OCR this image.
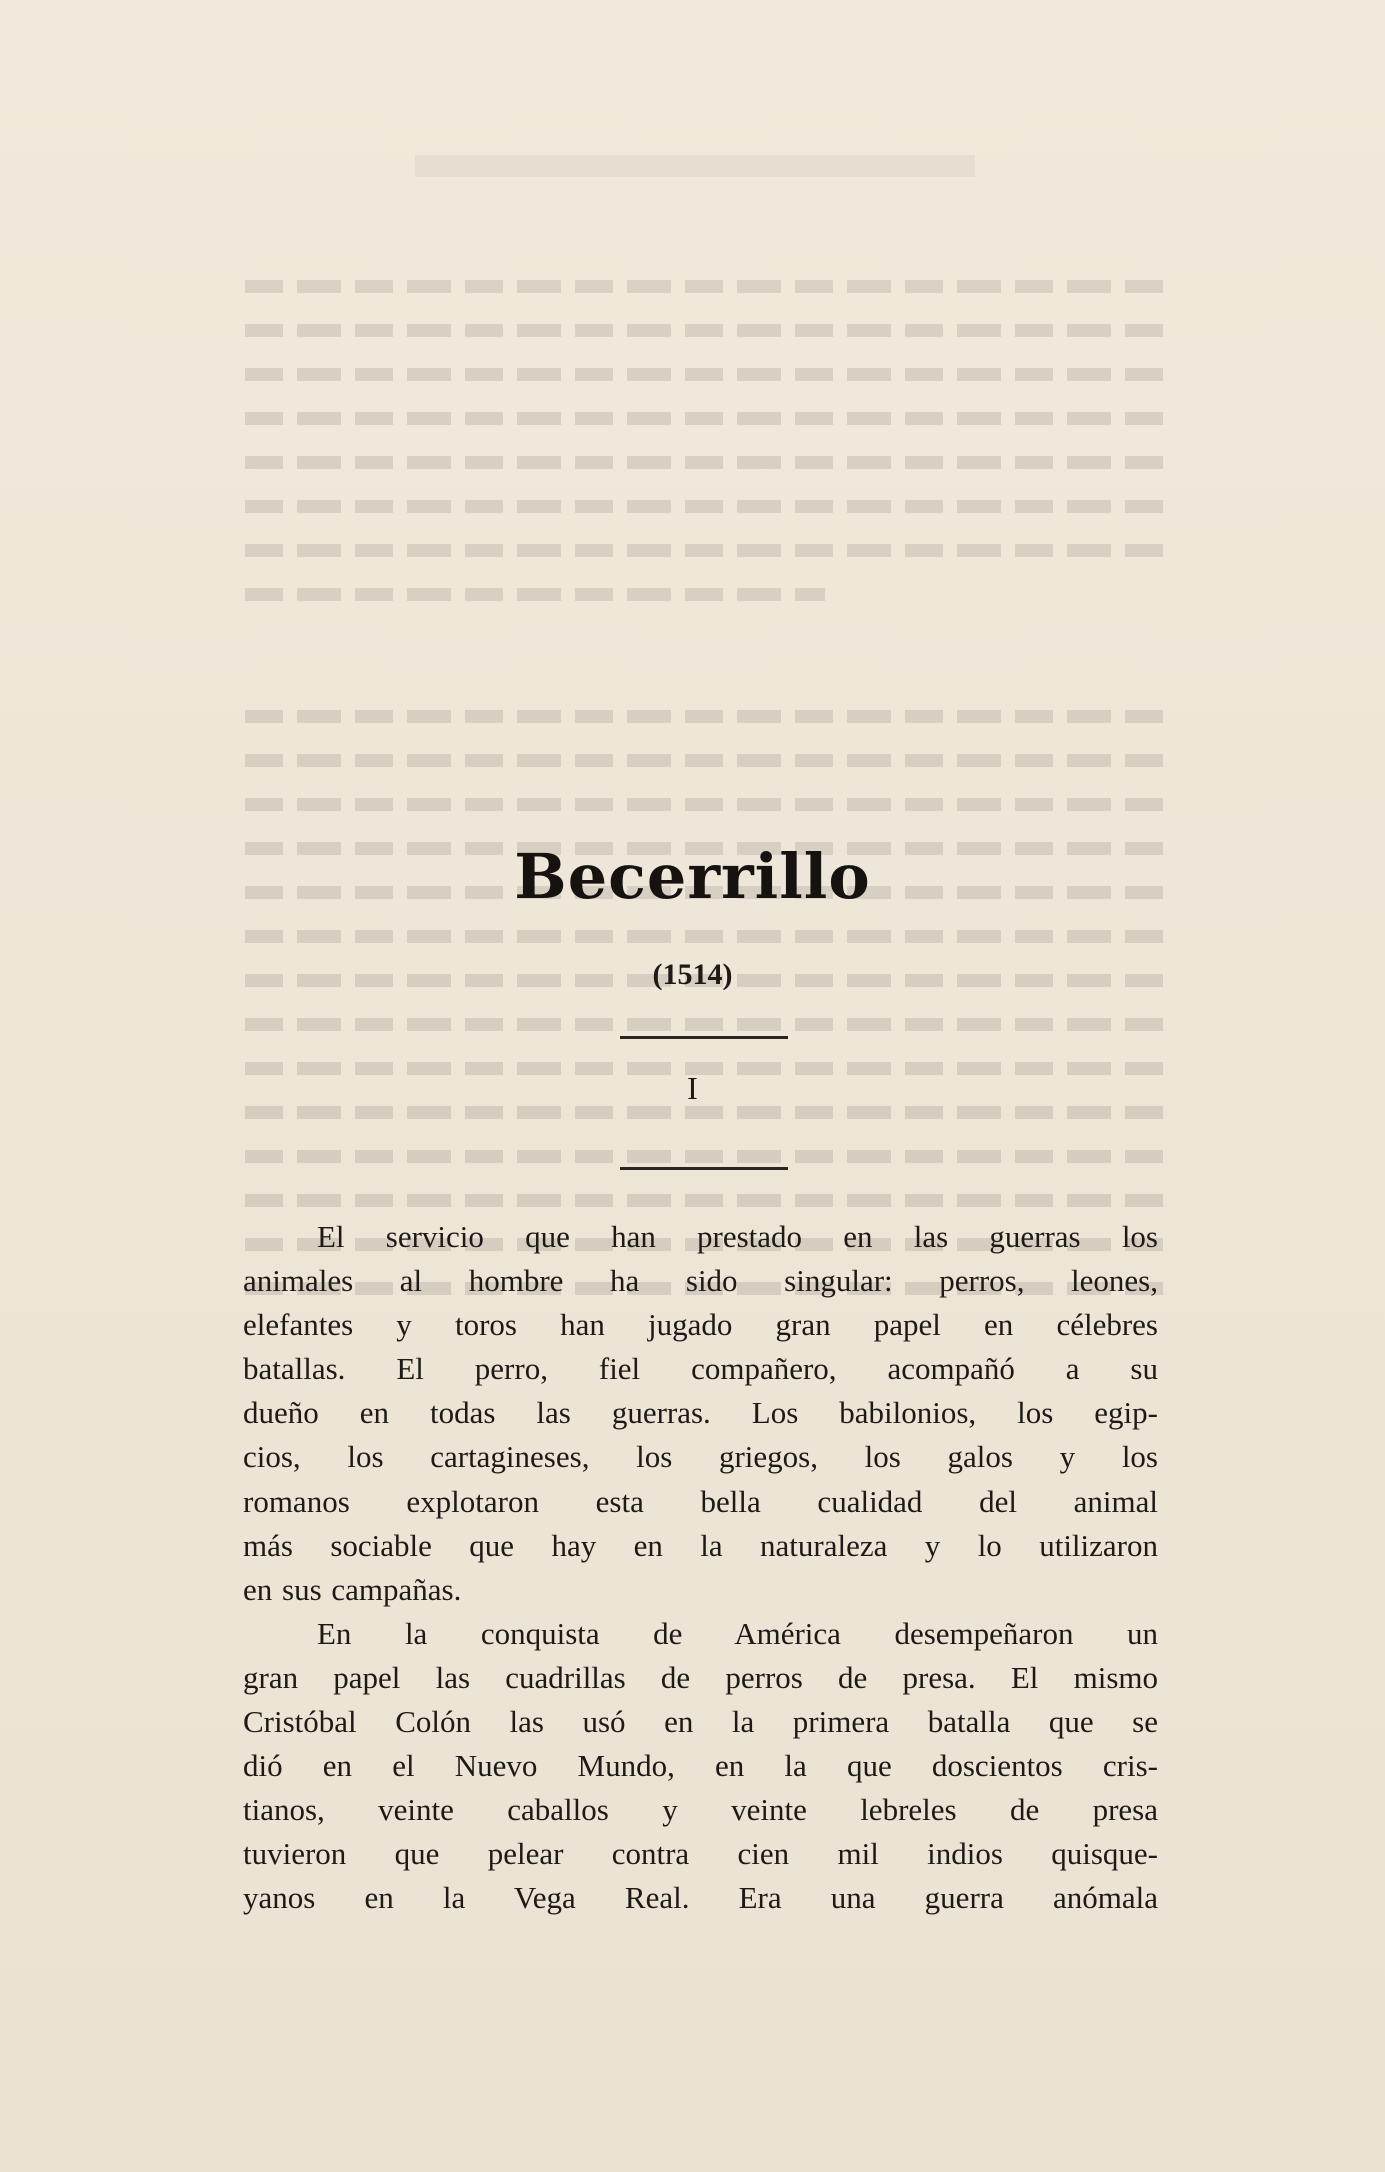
Becerrillo
(1514)
I
El servicio que han prestado en las guerras los
animales al hombre ha sido singular: perros, leones,
elefantes y toros han jugado gran papel en célebres
batallas. El perro, fiel compañero, acompañó a su
dueño en todas las guerras. Los babilonios, los egip-
cios, los cartagineses, los griegos, los galos y los
romanos explotaron esta bella cualidad del animal
más sociable que hay en la naturaleza y lo utilizaron
en sus campañas.
En la conquista de América desempeñaron un
gran papel las cuadrillas de perros de presa. El mismo
Cristóbal Colón las usó en la primera batalla que se
dió en el Nuevo Mundo, en la que doscientos cris-
tianos, veinte caballos y veinte lebreles de presa
tuvieron que pelear contra cien mil indios quisque-
yanos en la Vega Real. Era una guerra anómala
